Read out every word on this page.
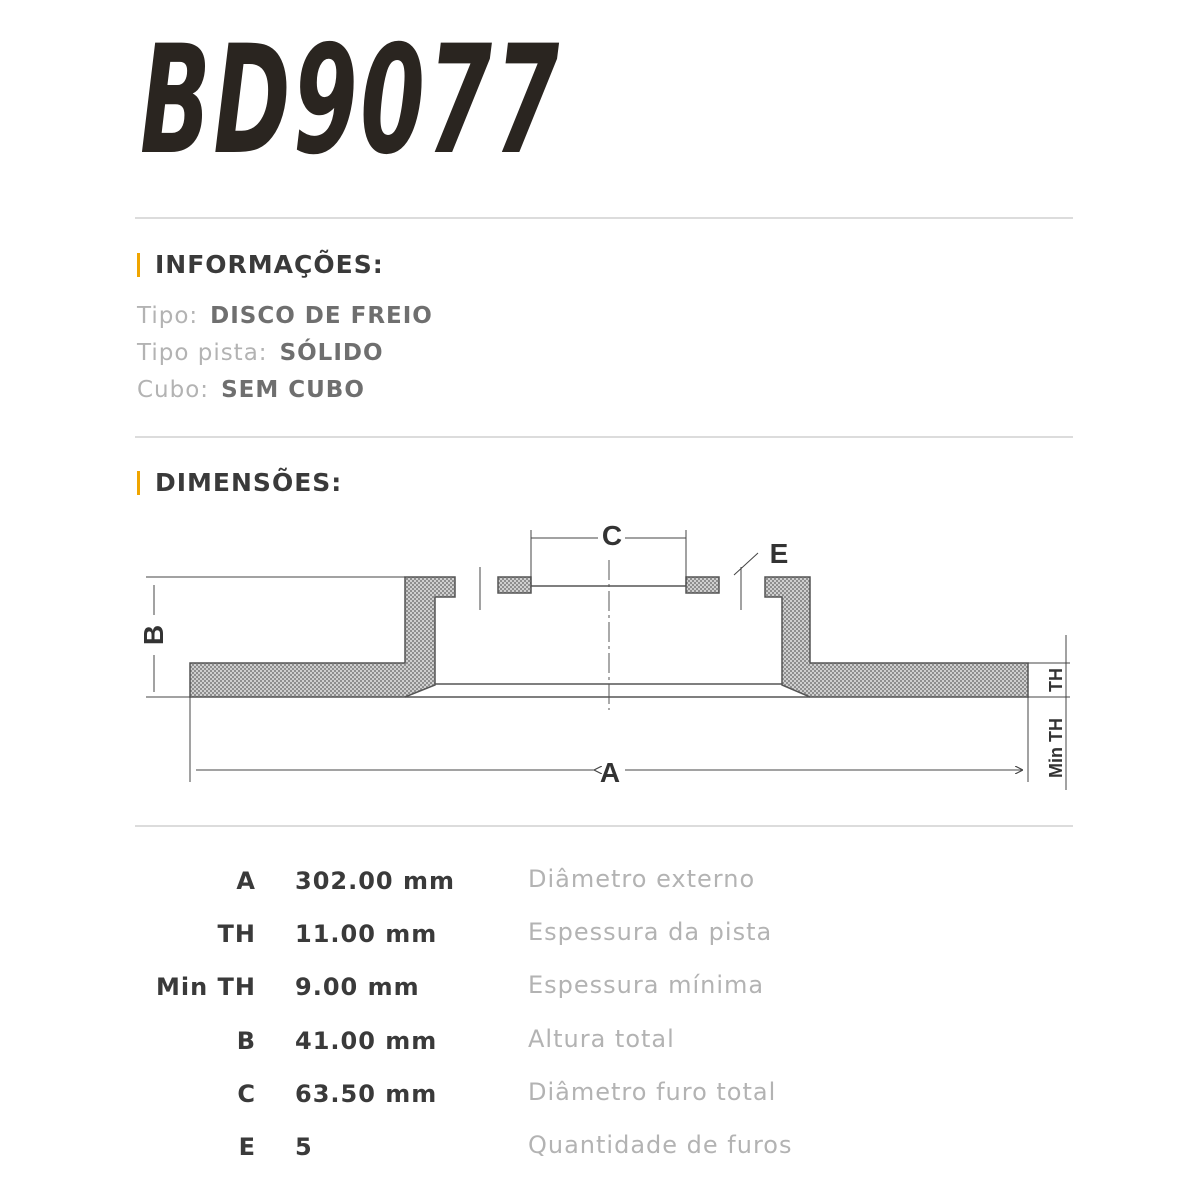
BD9077
INFORMAÇÕES:
Tipo: DISCO DE FREIO
Tipo pista: SÓLIDO
Cubo: SEM CUBO
DIMENSÕES:
C
E
B
A
TH
Min TH
A 302.00 mm	Diâmetro externo
TH 11.00 mm	Espessura da pista
Min TH 9.00 mm	Espessura mínima
B 41.00 mm	Altura total
C 63.50 mm	Diâmetro furo total
E 5	Quantidade de furos
